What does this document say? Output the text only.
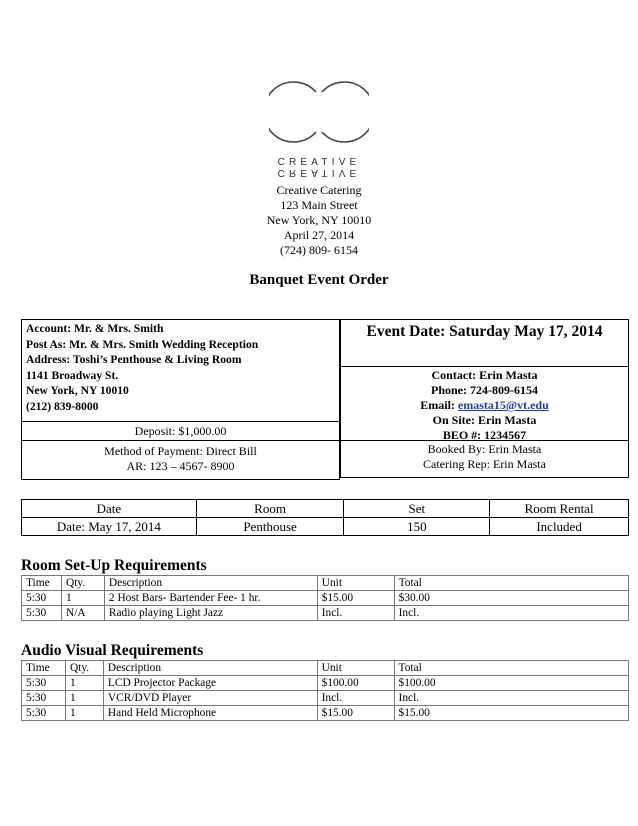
CREATIVE
CREATIVE
Creative Catering
123 Main Street
New York, NY 10010
April 27, 2014
(724) 809- 6154
Banquet Event Order
Account: Mr. & Mrs. Smith
Post As: Mr. & Mrs. Smith Wedding Reception
Address: Toshi’s Penthouse & Living Room
1141 Broadway St.
New York, NY 10010
(212) 839-8000
Deposit: $1,000.00
Method of Payment: Direct Bill
AR: 123 – 4567- 8900
Event Date: Saturday May 17, 2014
Contact: Erin Masta
Phone: 724-809-6154
Email: emasta15@vt.edu
On Site: Erin Masta
BEO #: 1234567
Booked By: Erin Masta
Catering Rep: Erin Masta
Date	Room	Set	Room Rental
Date: May 17, 2014	Penthouse	150	Included
Room Set-Up Requirements
Time	Qty.	Description	Unit	Total
5:30	1	2 Host Bars- Bartender Fee- 1 hr.	$15.00	$30.00
5:30	N/A	Radio playing Light Jazz	Incl.	Incl.
Audio Visual Requirements
Time	Qty.	Description	Unit	Total
5:30	1	LCD Projector Package	$100.00	$100.00
5:30	1	VCR/DVD Player	Incl.	Incl.
5:30	1	Hand Held Microphone	$15.00	$15.00
